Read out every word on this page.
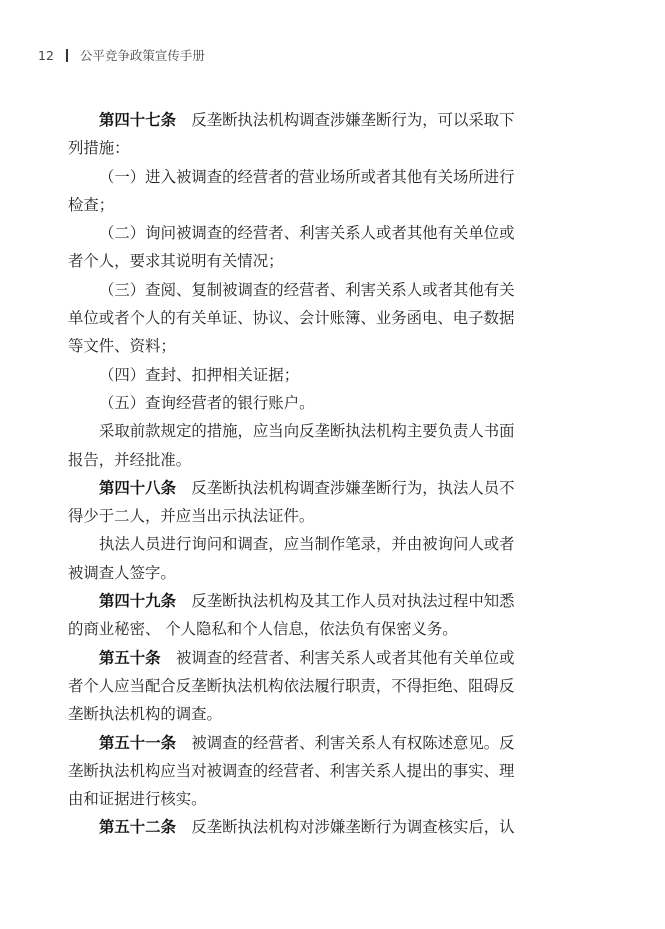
12 公平竞争政策宣传手册

第四十七条　反垄断执法机构调查涉嫌垄断行为，可以采取下
列措施：

（一）进入被调查的经营者的营业场所或者其他有关场所进行
检查；

（二）询问被调查的经营者、利害关系人或者其他有关单位或
者个人，要求其说明有关情况；

（三）查阅、复制被调查的经营者、利害关系人或者其他有关
单位或者个人的有关单证、协议、会计账簿、业务函电、电子数据
等文件、资料；

（四）查封、扣押相关证据；

（五）查询经营者的银行账户。

采取前款规定的措施，应当向反垄断执法机构主要负责人书面
报告，并经批准。

第四十八条　反垄断执法机构调查涉嫌垄断行为，执法人员不
得少于二人，并应当出示执法证件。

执法人员进行询问和调查，应当制作笔录，并由被询问人或者
被调查人签字。

第四十九条　反垄断执法机构及其工作人员对执法过程中知悉
的商业秘密、 个人隐私和个人信息，依法负有保密义务。

第五十条　被调查的经营者、利害关系人或者其他有关单位或
者个人应当配合反垄断执法机构依法履行职责，不得拒绝、阻碍反
垄断执法机构的调查。

第五十一条　被调查的经营者、利害关系人有权陈述意见。反
垄断执法机构应当对被调查的经营者、利害关系人提出的事实、理
由和证据进行核实。

第五十二条　反垄断执法机构对涉嫌垄断行为调查核实后，认
